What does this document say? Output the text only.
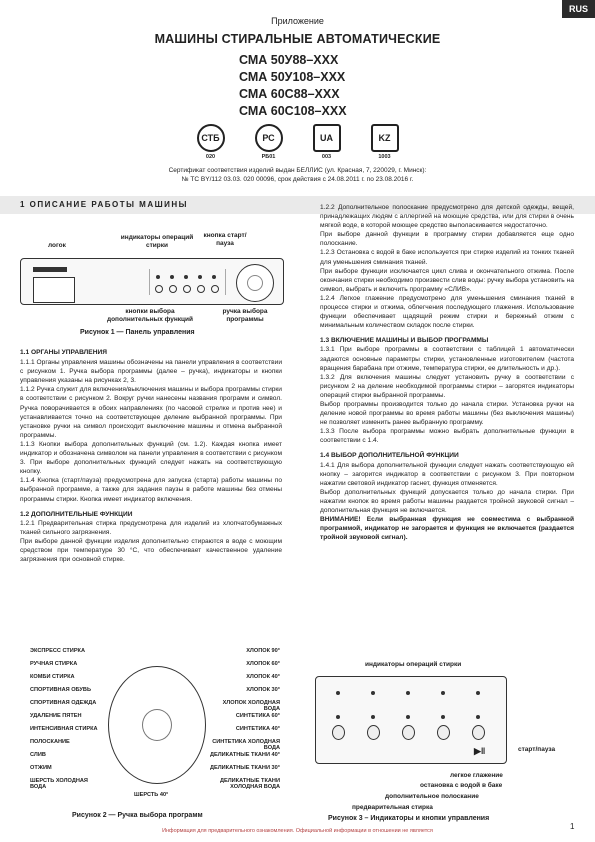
RUS
Приложение
МАШИНЫ СТИРАЛЬНЫЕ АВТОМАТИЧЕСКИЕ
СМА 50У88–ХХХ
СМА 50У108–ХХХ
СМА 60С88–ХХХ
СМА 60С108–ХХХ
СТБ
020
РС
РБ01
UA
003
KZ
1003
Сертификат соответствия изделий выдан БЕЛЛИС (ул. Красная, 7, 220029, г. Минск):
№ ТС BY/112 03.03. 020 00096, срок действия с 24.08.2011 г. по 23.08.2016 г.
1 ОПИСАНИЕ РАБОТЫ МАШИНЫ
логок
индикаторы операций стирки
кнопка старт/пауза
кнопки выбора дополнительных функций
ручка выбора программы
Рисунок 1 — Панель управления

1.1 ОРГАНЫ УПРАВЛЕНИЯ

1.1.1 Органы управления машины обозначены на панели управления в соответствии с рисунком 1. Ручка выбора программы (далее – ручка), индикаторы и кнопки управления указаны на рисунках 2, 3.

1.1.2 Ручка служит для включения/выключения машины и выбора программы стирки в соответствии с рисунком 2. Вокруг ручки нанесены названия программ и символ. Ручка поворачивается в обоих направлениях (по часовой стрелке и против нее) и устанавливается точно на соответствующее деление выбранной программы. При установке ручки на символ происходит выключение машины и отмена выбранной программы.

1.1.3 Кнопки выбора дополнительных функций (см. 1.2). Каждая кнопка имеет индикатор и обозначена символом на панели управления в соответствии с рисунком 3. При выборе дополнительных функций следует нажать на соответствующую кнопку.

1.1.4 Кнопка (старт/пауза) предусмотрена для запуска (старта) работы машины по выбранной программе, а также для задания паузы в работе машины без отмены программы стирки. Кнопка имеет индикатор включения.

1.2 ДОПОЛНИТЕЛЬНЫЕ ФУНКЦИИ

1.2.1 Предварительная стирка предусмотрена для изделий из хлопчатобумажных тканей сильного загрязнения.

При выборе данной функции изделия дополнительно стираются в воде с моющим средством при температуре 30 °С, что обеспечивает качественное удаление загрязнения при основной стирке.

1.2.2 Дополнительное полоскание предусмотрено для детской одежды, вещей, принадлежащих людям с аллергией на моющие средства, или для стирки в очень мягкой воде, в которой моющее средство выполаскивается недостаточно.

При выборе данной функции в программу стирки добавляется еще одно полоскание.

1.2.3 Остановка с водой в баке используется при стирке изделий из тонких тканей для уменьшения сминания тканей.

При выборе функции исключается цикл слива и окончательного отжима. После окончания стирки необходимо произвести слив воды: ручку выбора установить на символ, выбрать и включить программу «СЛИВ».

1.2.4 Легкое глажение предусмотрено для уменьшения сминания тканей в процессе стирки и отжима, облегчения последующего глажения. Использование функции обеспечивает щадящий режим стирки и бережный отжим с минимальным количеством складок после стирки.

1.3 ВКЛЮЧЕНИЕ МАШИНЫ И ВЫБОР ПРОГРАММЫ

1.3.1 При выборе программы в соответствии с таблицей 1 автоматически задаются основные параметры стирки, установленные изготовителем (частота вращения барабана при отжиме, температура стирки, ее длительность и др.).

1.3.2 Для включения машины следует установить ручку в соответствии с рисунком 2 на деление необходимой программы стирки – загорятся индикаторы операций стирки выбранной программы.

Выбор программы производится только до начала стирки. Установка ручки на деление новой программы во время работы машины (без выключения машины) не позволяет изменить ранее выбранную программу.

1.3.3 После выбора программы можно выбрать дополнительные функции в соответствии с 1.4.

1.4 ВЫБОР ДОПОЛНИТЕЛЬНОЙ ФУНКЦИИ

1.4.1 Для выбора дополнительной функции следует нажать соответствующую ей кнопку – загорится индикатор в соответствии с рисунком 3. При повторном нажатии световой индикатор гаснет, функция отменяется.

Выбор дополнительных функций допускается только до начала стирки. При нажатии кнопок во время работы машины раздается тройной звуковой сигнал – дополнительная функция не включается.

ВНИМАНИЕ! Если выбранная функция не совместима с выбранной программой, индикатор не загорается и функция не включается (раздается тройной звуковой сигнал).

ЭКСПРЕСС СТИРКА
РУЧНАЯ СТИРКА
КОМБИ СТИРКА
СПОРТИВНАЯ ОБУВЬ
СПОРТИВНАЯ ОДЕЖДА
УДАЛЕНИЕ ПЯТЕН
ИНТЕНСИВНАЯ СТИРКА
ПОЛОСКАНИЕ
СЛИВ
ОТЖИМ
ШЕРСТЬ ХОЛОДНАЯ ВОДА
ХЛОПОК 90°
ХЛОПОК 60°
ХЛОПОК 40°
ХЛОПОК 30°
ХЛОПОК ХОЛОДНАЯ ВОДА
СИНТЕТИКА 60°
СИНТЕТИКА 40°
СИНТЕТИКА ХОЛОДНАЯ ВОДА
ДЕЛИКАТНЫЕ ТКАНИ 40°
ДЕЛИКАТНЫЕ ТКАНИ 30°
ДЕЛИКАТНЫЕ ТКАНИ ХОЛОДНАЯ ВОДА
ШЕРСТЬ 40°
Рисунок 2 — Ручка выбора программ
индикаторы операций стирки
▶‖	старт/пауза
легкое глажение
остановка с водой в баке
дополнительное полоскание
предварительная стирка
Рисунок 3 – Индикаторы и кнопки управления
Информация для предварительного ознакомления. Официальной информации в отношении не является	1
